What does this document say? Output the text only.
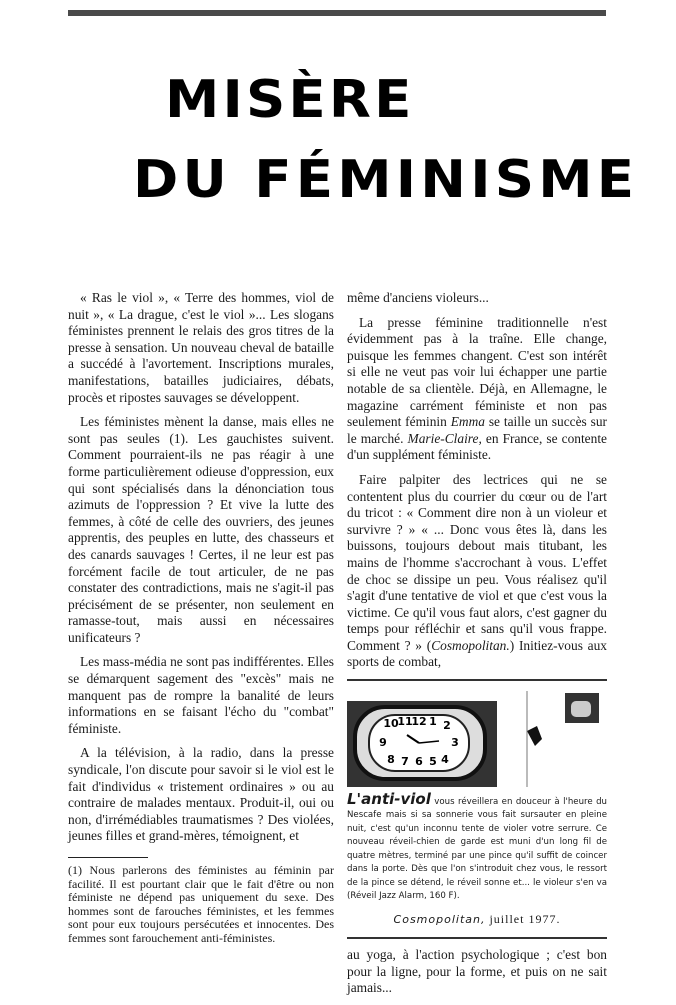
MISÈRE
DU FÉMINISME

« Ras le viol », « Terre des hommes, viol de nuit », « La drague, c'est le viol »... Les slogans féministes prennent le relais des gros titres de la presse à sensation. Un nouveau cheval de bataille a succédé à l'avortement. Inscriptions murales, manifestations, batailles judiciaires, débats, procès et ripostes sauvages se développent.

Les féministes mènent la danse, mais elles ne sont pas seules (1). Les gauchistes suivent. Comment pourraient-ils ne pas réagir à une forme particulièrement odieuse d'oppression, eux qui sont spécialisés dans la dénonciation tous azimuts de l'oppression ? Et vive la lutte des femmes, à côté de celle des ouvriers, des jeunes apprentis, des peuples en lutte, des chasseurs et des canards sauvages ! Certes, il ne leur est pas forcément facile de tout articuler, de ne pas constater des contradictions, mais ne s'agit-il pas précisément de se présenter, non seulement en ramasse-tout, mais aussi en nécessaires unificateurs ?

Les mass-média ne sont pas indifférentes. Elles se démarquent sagement des "excès" mais ne manquent pas de rompre la banalité de leurs informations en se faisant l'écho du "combat" féministe.

A la télévision, à la radio, dans la presse syndicale, l'on discute pour savoir si le viol est le fait d'individus « tristement ordinaires » ou au contraire de malades mentaux. Produit-il, oui ou non, d'irrémédiables traumatismes ? Des violées, jeunes filles et grand-mères, témoignent, et

(1) Nous parlerons des féministes au féminin par facilité. Il est pourtant clair que le fait d'être ou non féministe ne dépend pas uniquement du sexe. Des hommes sont de farouches féministes, et les femmes sont pour eux toujours persécutées et innocentes. Des femmes sont farouchement anti-féministes.

même d'anciens violeurs...

La presse féminine traditionnelle n'est évidemment pas à la traîne. Elle change, puisque les femmes changent. C'est son intérêt si elle ne veut pas voir lui échapper une partie notable de sa clientèle. Déjà, en Allemagne, le magazine carrément féministe et non pas seulement féminin Emma se taille un succès sur le marché. Marie-Claire, en France, se contente d'un supplément féministe.

Faire palpiter des lectrices qui ne se contentent plus du courrier du cœur ou de l'art du tricot : « Comment dire non à un violeur et survivre ? » « ... Donc vous êtes là, dans les buissons, toujours debout mais titubant, les mains de l'homme s'accrochant à vous. L'effet de choc se dissipe un peu. Vous réalisez qu'il s'agit d'une tentative de viol et que c'est vous la victime. Ce qu'il vous faut alors, c'est gagner du temps pour réfléchir et sans qu'il vous frappe. Comment ? » (Cosmopolitan.) Initiez-vous aux sports de combat,

10
11
12 1 2
3
4
5
6
7
8
9
L'anti-viol vous réveillera en douceur à l'heure du Nescafe mais si sa sonnerie vous fait sursauter en pleine nuit, c'est qu'un inconnu tente de violer votre serrure. Ce nouveau réveil-chien de garde est muni d'un long fil de quatre mètres, terminé par une pince qu'il suffit de coincer dans la porte. Dès que l'on s'introduit chez vous, le ressort de la pince se détend, le réveil sonne et... le violeur s'en va (Réveil Jazz Alarm, 160 F).
Cosmopolitan, juillet 1977.

au yoga, à l'action psychologique ; c'est bon pour la ligne, pour la forme, et puis on ne sait jamais...
